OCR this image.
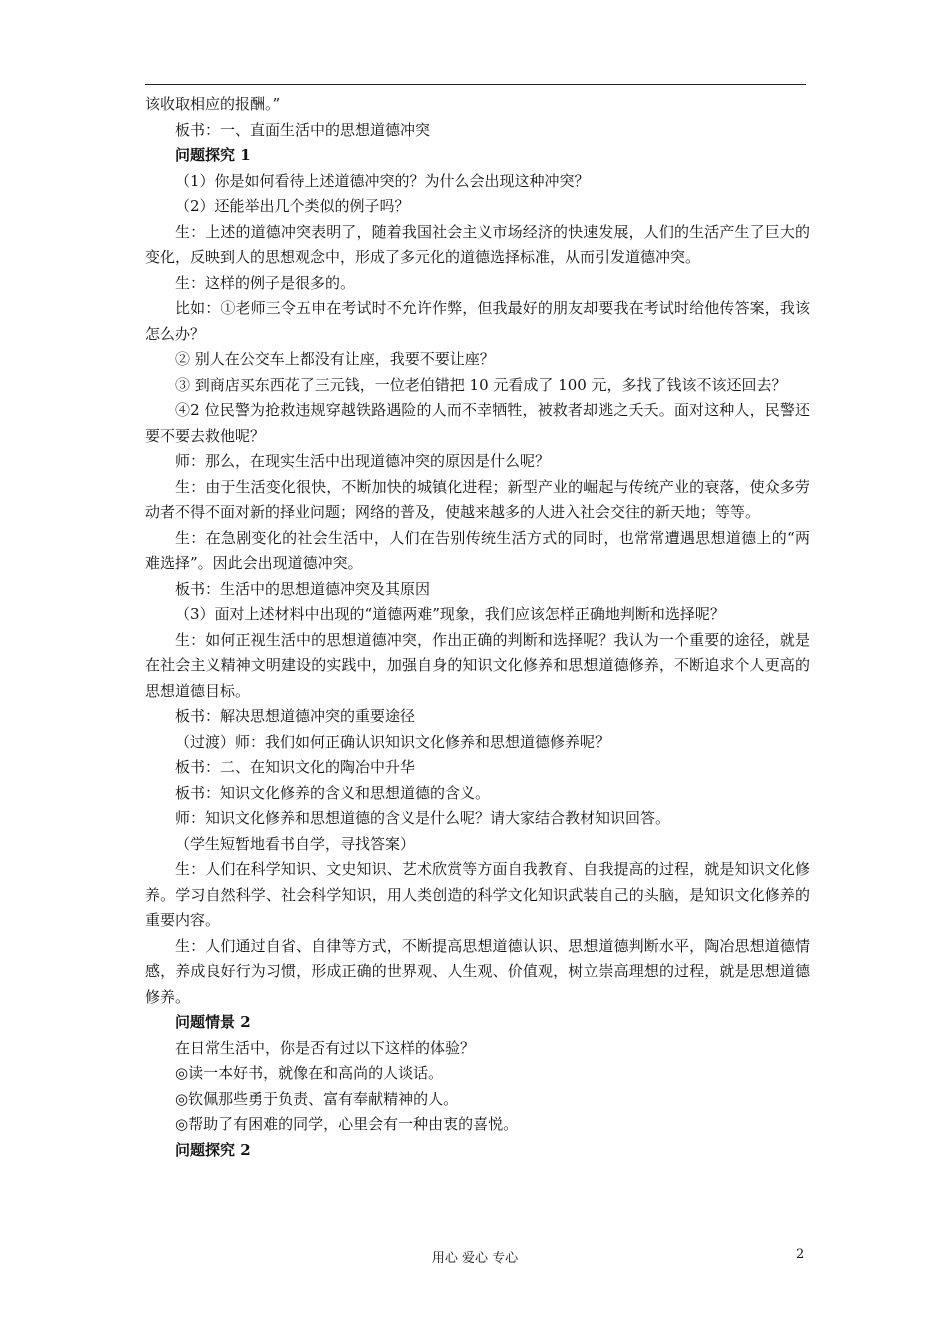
该收取相应的报酬。”

板书：一、直面生活中的思想道德冲突

问题探究 1

（1）你是如何看待上述道德冲突的？为什么会出现这种冲突？

（2）还能举出几个类似的例子吗？

生：上述的道德冲突表明了，随着我国社会主义市场经济的快速发展，人们的生活产生了巨大的变化，反映到人的思想观念中，形成了多元化的道德选择标准，从而引发道德冲突。

生：这样的例子是很多的。

比如：①老师三令五申在考试时不允许作弊，但我最好的朋友却要我在考试时给他传答案，我该怎么办？

② 别人在公交车上都没有让座，我要不要让座？

③ 到商店买东西花了三元钱，一位老伯错把 10 元看成了 100 元，多找了钱该不该还回去？

④2 位民警为抢救违规穿越铁路遇险的人而不幸牺牲，被救者却逃之夭夭。面对这种人，民警还要不要去救他呢？

师：那么，在现实生活中出现道德冲突的原因是什么呢？

生：由于生活变化很快，不断加快的城镇化进程；新型产业的崛起与传统产业的衰落，使众多劳动者不得不面对新的择业问题；网络的普及，使越来越多的人进入社会交往的新天地；等等。

生：在急剧变化的社会生活中，人们在告别传统生活方式的同时，也常常遭遇思想道德上的“两难选择”。因此会出现道德冲突。

板书：生活中的思想道德冲突及其原因

（3）面对上述材料中出现的“道德两难”现象，我们应该怎样正确地判断和选择呢？

生：如何正视生活中的思想道德冲突，作出正确的判断和选择呢？我认为一个重要的途径，就是在社会主义精神文明建设的实践中，加强自身的知识文化修养和思想道德修养，不断追求个人更高的思想道德目标。

板书：解决思想道德冲突的重要途径

（过渡）师：我们如何正确认识知识文化修养和思想道德修养呢？

板书：二、在知识文化的陶冶中升华

板书：知识文化修养的含义和思想道德的含义。

师：知识文化修养和思想道德的含义是什么呢？请大家结合教材知识回答。

（学生短暂地看书自学，寻找答案）

生：人们在科学知识、文史知识、艺术欣赏等方面自我教育、自我提高的过程，就是知识文化修养。学习自然科学、社会科学知识，用人类创造的科学文化知识武装自己的头脑，是知识文化修养的重要内容。

生：人们通过自省、自律等方式，不断提高思想道德认识、思想道德判断水平，陶冶思想道德情感，养成良好行为习惯，形成正确的世界观、人生观、价值观，树立崇高理想的过程，就是思想道德修养。

问题情景 2

在日常生活中，你是否有过以下这样的体验？

◎读一本好书，就像在和高尚的人谈话。

◎钦佩那些勇于负责、富有奉献精神的人。

◎帮助了有困难的同学，心里会有一种由衷的喜悦。

问题探究 2

用心 爱心 专心	2
